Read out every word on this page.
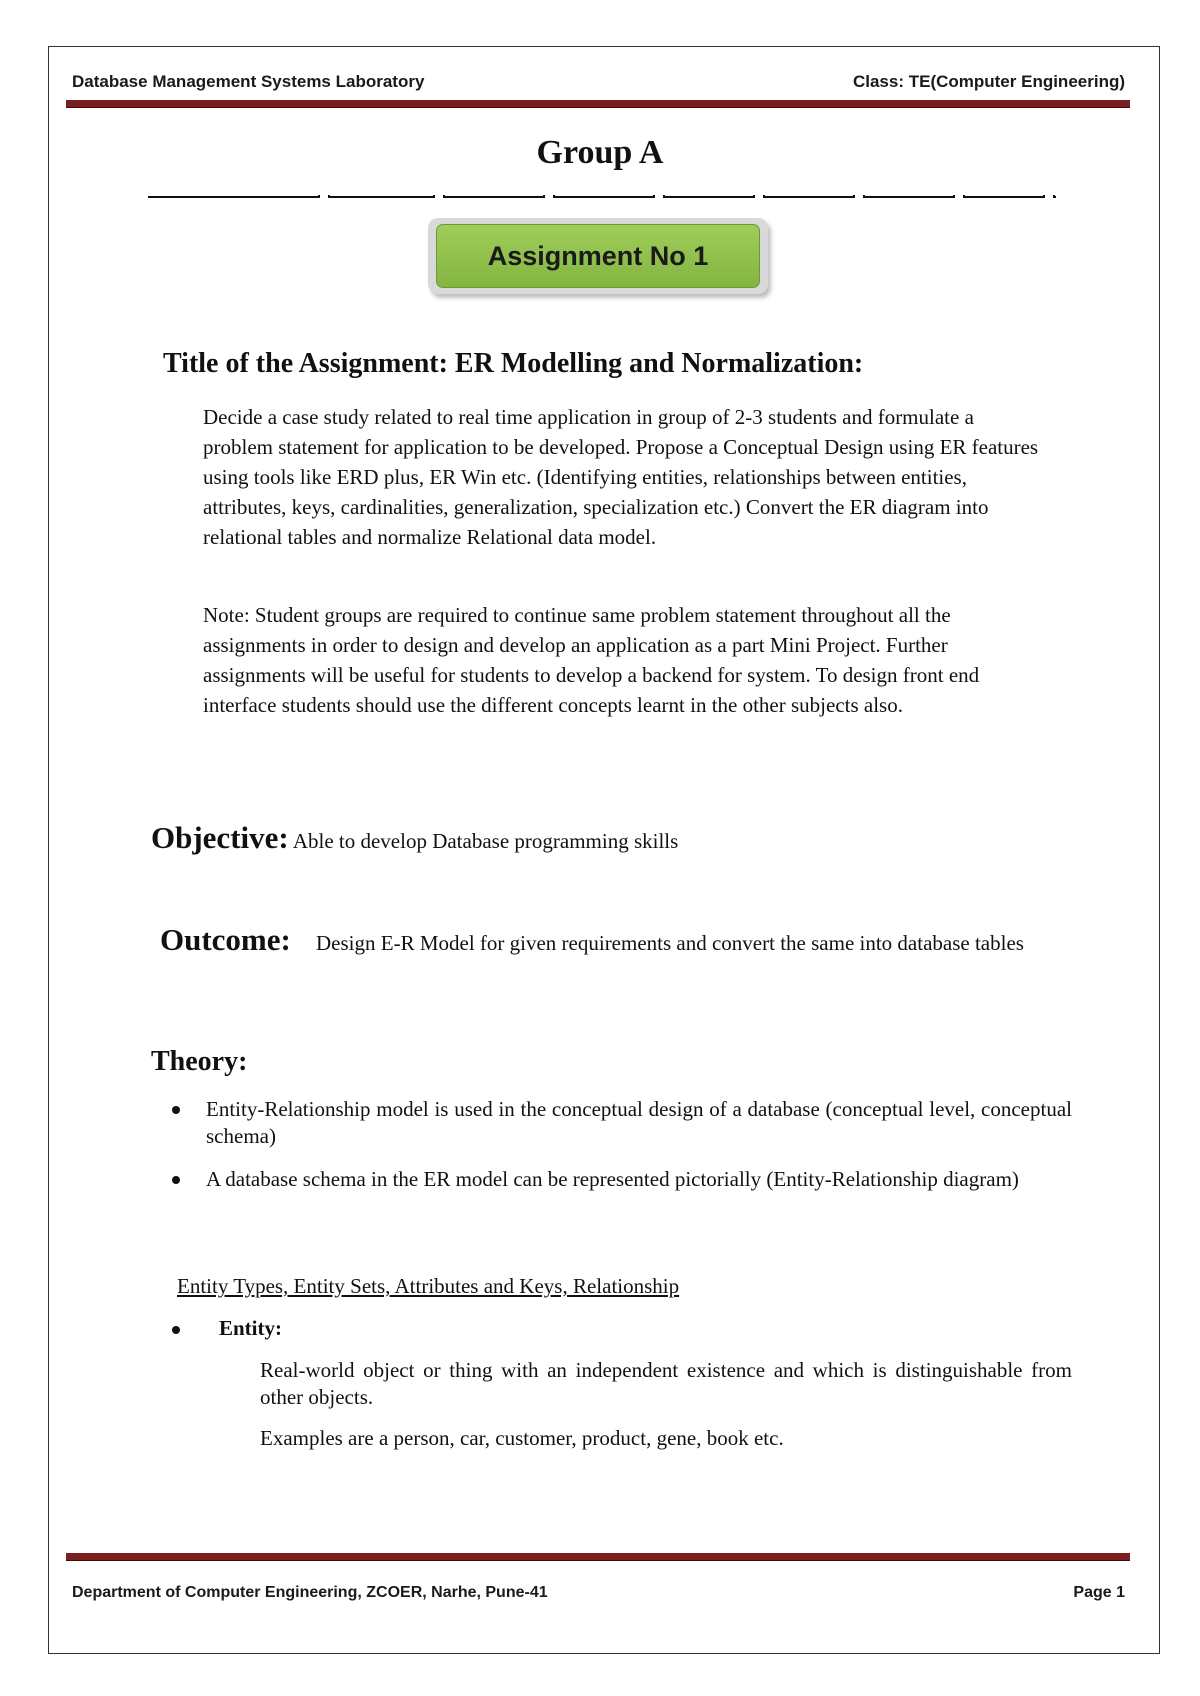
Database Management Systems Laboratory	Class: TE(Computer Engineering)
Group A
Assignment No 1
Title of the Assignment: ER Modelling and Normalization:
Decide a case study related to real time application in group of 2-3 students and formulate a problem statement for application to be developed. Propose a Conceptual Design using ER features using tools like ERD plus, ER Win etc. (Identifying entities, relationships between entities, attributes, keys, cardinalities, generalization, specialization etc.) Convert the ER diagram into relational tables and normalize Relational data model.
Note: Student groups are required to continue same problem statement throughout all the assignments in order to design and develop an application as a part Mini Project. Further assignments will be useful for students to develop a backend for system. To design front end interface students should use the different concepts learnt in the other subjects also.
Objective: Able to develop Database programming skills
Outcome: Design E-R Model for given requirements and convert the same into database tables
Theory:
Entity-Relationship model is used in the conceptual design of a database (conceptual level, conceptual schema)
A database schema in the ER model can be represented pictorially (Entity-Relationship diagram)
Entity Types, Entity Sets, Attributes and Keys, Relationship
Entity:
Real-world object or thing with an independent existence and which is distinguishable from other objects.
Examples are a person, car, customer, product, gene, book etc.
Department of Computer Engineering, ZCOER, Narhe, Pune-41	Page 1
